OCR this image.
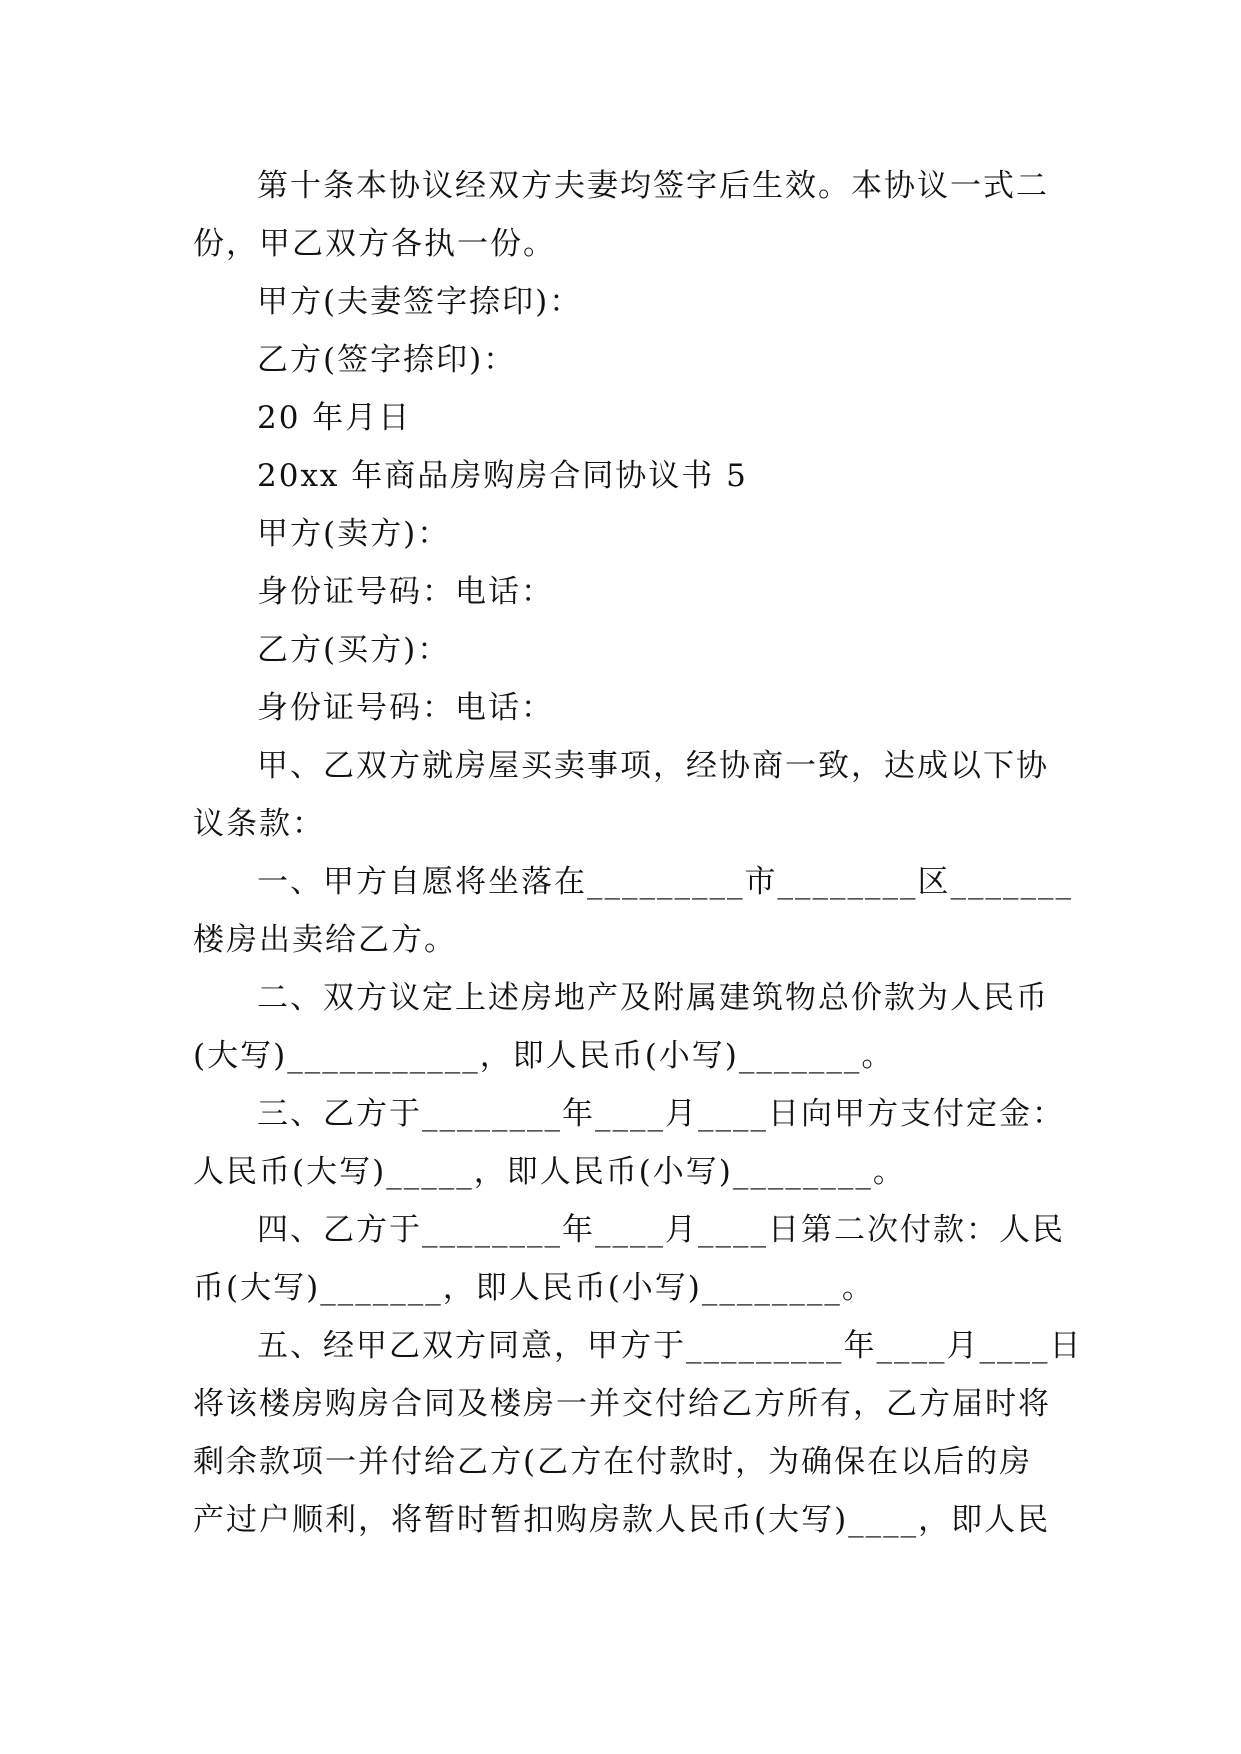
第十条本协议经双方夫妻均签字后生效。本协议一式二
份，甲乙双方各执一份。
甲方(夫妻签字捺印)：
乙方(签字捺印)：
20 年月日
20xx 年商品房购房合同协议书 5
甲方(卖方)：
身份证号码：电话：
乙方(买方)：
身份证号码：电话：
甲、乙双方就房屋买卖事项，经协商一致，达成以下协
议条款：
一、甲方自愿将坐落在_________市________区_______
楼房出卖给乙方。
二、双方议定上述房地产及附属建筑物总价款为人民币
(大写)___________，即人民币(小写)_______。
三、乙方于________年____月____日向甲方支付定金：
人民币(大写)_____，即人民币(小写)________。
四、乙方于________年____月____日第二次付款：人民
币(大写)_______，即人民币(小写)________。
五、经甲乙双方同意，甲方于_________年____月____日
将该楼房购房合同及楼房一并交付给乙方所有，乙方届时将
剩余款项一并付给乙方(乙方在付款时，为确保在以后的房
产过户顺利，将暂时暂扣购房款人民币(大写)____，即人民
